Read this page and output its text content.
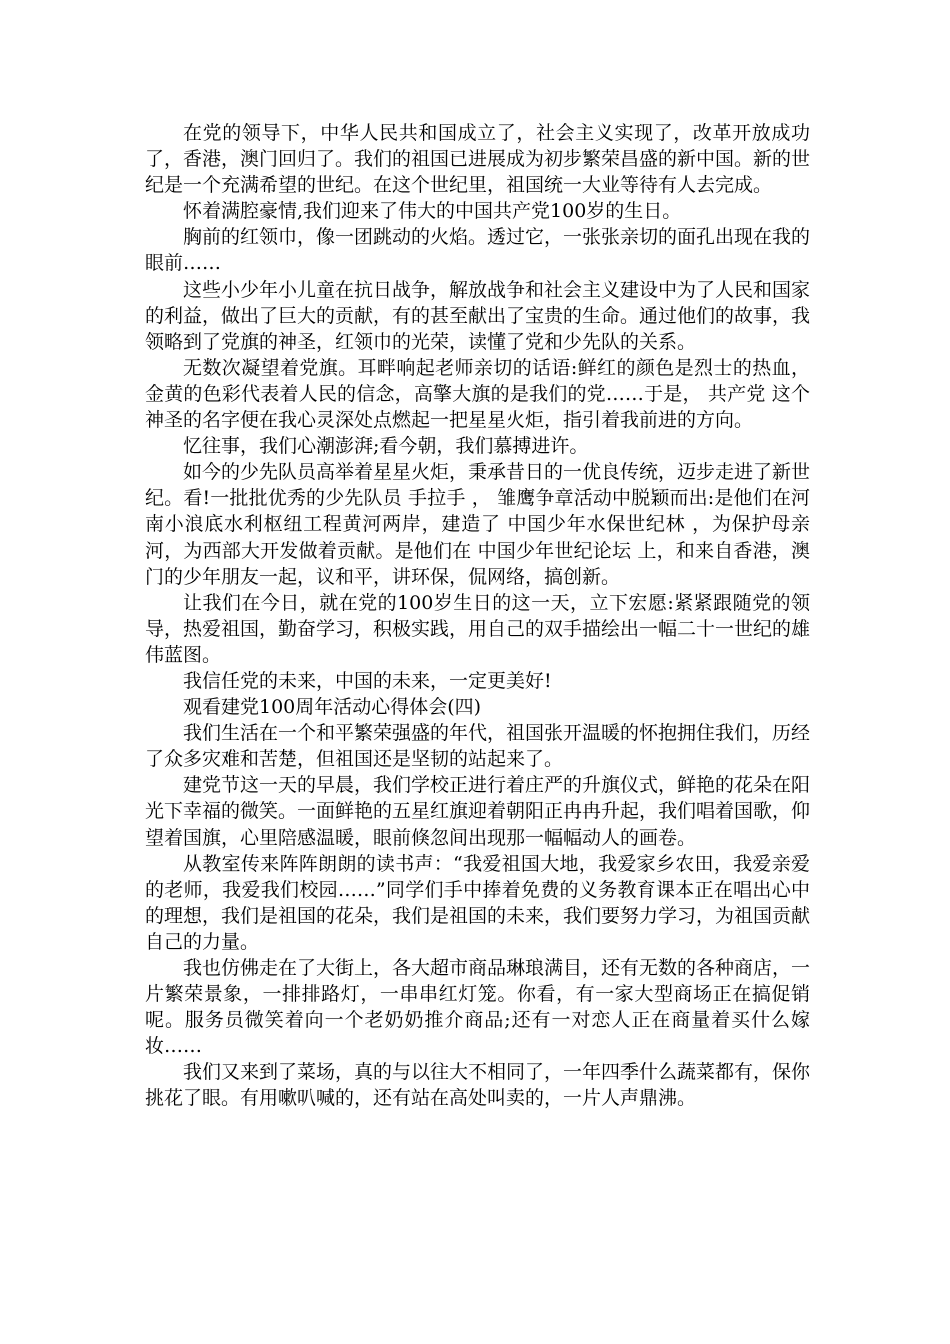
在党的领导下，中华人民共和国成立了，社会主义实现了，改革开放成功了，香港，澳门回归了。我们的祖国已进展成为初步繁荣昌盛的新中国。新的世纪是一个充满希望的世纪。在这个世纪里，祖国统一大业等待有人去完成。

怀着满腔豪情,我们迎来了伟大的中国共产党100岁的生日。

胸前的红领巾，像一团跳动的火焰。透过它，一张张亲切的面孔出现在我的眼前……

这些小少年小儿童在抗日战争，解放战争和社会主义建设中为了人民和国家的利益，做出了巨大的贡献，有的甚至献出了宝贵的生命。通过他们的故事，我领略到了党旗的神圣，红领巾的光荣，读懂了党和少先队的关系。

无数次凝望着党旗。耳畔响起老师亲切的话语:鲜红的颜色是烈士的热血，金黄的色彩代表着人民的信念，高擎大旗的是我们的党……于是， 共产党 这个神圣的名字便在我心灵深处点燃起一把星星火炬，指引着我前进的方向。

忆往事，我们心潮澎湃;看今朝，我们慕搏进许。

如今的少先队员高举着星星火炬，秉承昔日的一优良传统，迈步走进了新世纪。看!一批批优秀的少先队员 手拉手 ， 雏鹰争章活动中脱颖而出:是他们在河南小浪底水利枢纽工程黄河两岸，建造了 中国少年水保世纪林 ，为保护母亲河，为西部大开发做着贡献。是他们在 中国少年世纪论坛 上，和来自香港，澳门的少年朋友一起，议和平，讲环保，侃网络，搞创新。

让我们在今日，就在党的100岁生日的这一天，立下宏愿:紧紧跟随党的领导，热爱祖国，勤奋学习，积极实践，用自己的双手描绘出一幅二十一世纪的雄伟蓝图。

我信任党的未来，中国的未来，一定更美好!

观看建党100周年活动心得体会(四)

我们生活在一个和平繁荣强盛的年代，祖国张开温暖的怀抱拥住我们，历经了众多灾难和苦楚，但祖国还是坚韧的站起来了。

建党节这一天的早晨，我们学校正进行着庄严的升旗仪式，鲜艳的花朵在阳光下幸福的微笑。一面鲜艳的五星红旗迎着朝阳正冉冉升起，我们唱着国歌，仰望着国旗，心里陪感温暖，眼前倏忽间出现那一幅幅动人的画卷。

从教室传来阵阵朗朗的读书声：“我爱祖国大地，我爱家乡农田，我爱亲爱的老师，我爱我们校园……”同学们手中捧着免费的义务教育课本正在唱出心中的理想，我们是祖国的花朵，我们是祖国的未来，我们要努力学习，为祖国贡献自己的力量。

我也仿佛走在了大街上，各大超市商品琳琅满目，还有无数的各种商店，一片繁荣景象，一排排路灯，一串串红灯笼。你看，有一家大型商场正在搞促销呢。服务员微笑着向一个老奶奶推介商品;还有一对恋人正在商量着买什么嫁妆……

我们又来到了菜场，真的与以往大不相同了，一年四季什么蔬菜都有，保你挑花了眼。有用嗽叭喊的，还有站在高处叫卖的，一片人声鼎沸。
